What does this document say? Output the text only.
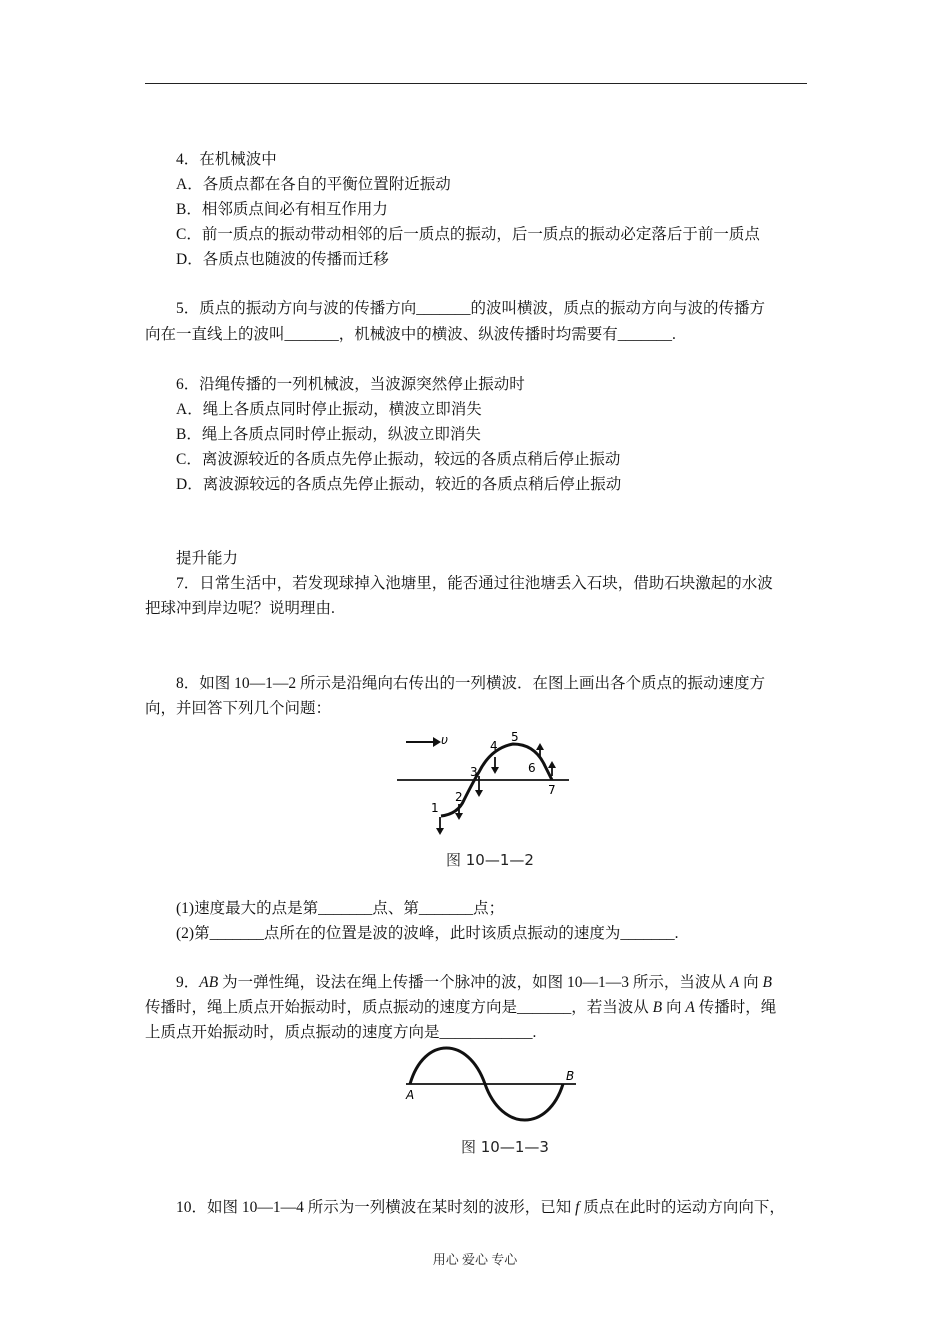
4．在机械波中
A．各质点都在各自的平衡位置附近振动
B．相邻质点间必有相互作用力
C．前一质点的振动带动相邻的后一质点的振动，后一质点的振动必定落后于前一质点
D．各质点也随波的传播而迁移
5．质点的振动方向与波的传播方向_______的波叫横波，质点的振动方向与波的传播方
向在一直线上的波叫_______，机械波中的横波、纵波传播时均需要有_______.
6．沿绳传播的一列机械波，当波源突然停止振动时
A．绳上各质点同时停止振动，横波立即消失
B．绳上各质点同时停止振动，纵波立即消失
C．离波源较近的各质点先停止振动，较远的各质点稍后停止振动
D．离波源较远的各质点先停止振动，较近的各质点稍后停止振动
提升能力
7．日常生活中，若发现球掉入池塘里，能否通过往池塘丢入石块，借助石块激起的水波
把球冲到岸边呢？说明理由.
8．如图 10—1—2 所示是沿绳向右传出的一列横波．在图上画出各个质点的振动速度方
向，并回答下列几个问题：
υ
1
2
3
4
5
6
7
图 10—1—2
(1)速度最大的点是第_______点、第_______点；
(2)第_______点所在的位置是波的波峰，此时该质点振动的速度为_______.
9．AB 为一弹性绳，设法在绳上传播一个脉冲的波，如图 10—1—3 所示，当波从 A 向 B
传播时，绳上质点开始振动时，质点振动的速度方向是_______，若当波从 B 向 A 传播时，绳
上质点开始振动时，质点振动的速度方向是____________.
A
B
图 10—1—3
10．如图 10—1—4 所示为一列横波在某时刻的波形，已知 f 质点在此时的运动方向向下，
用心 爱心 专心
